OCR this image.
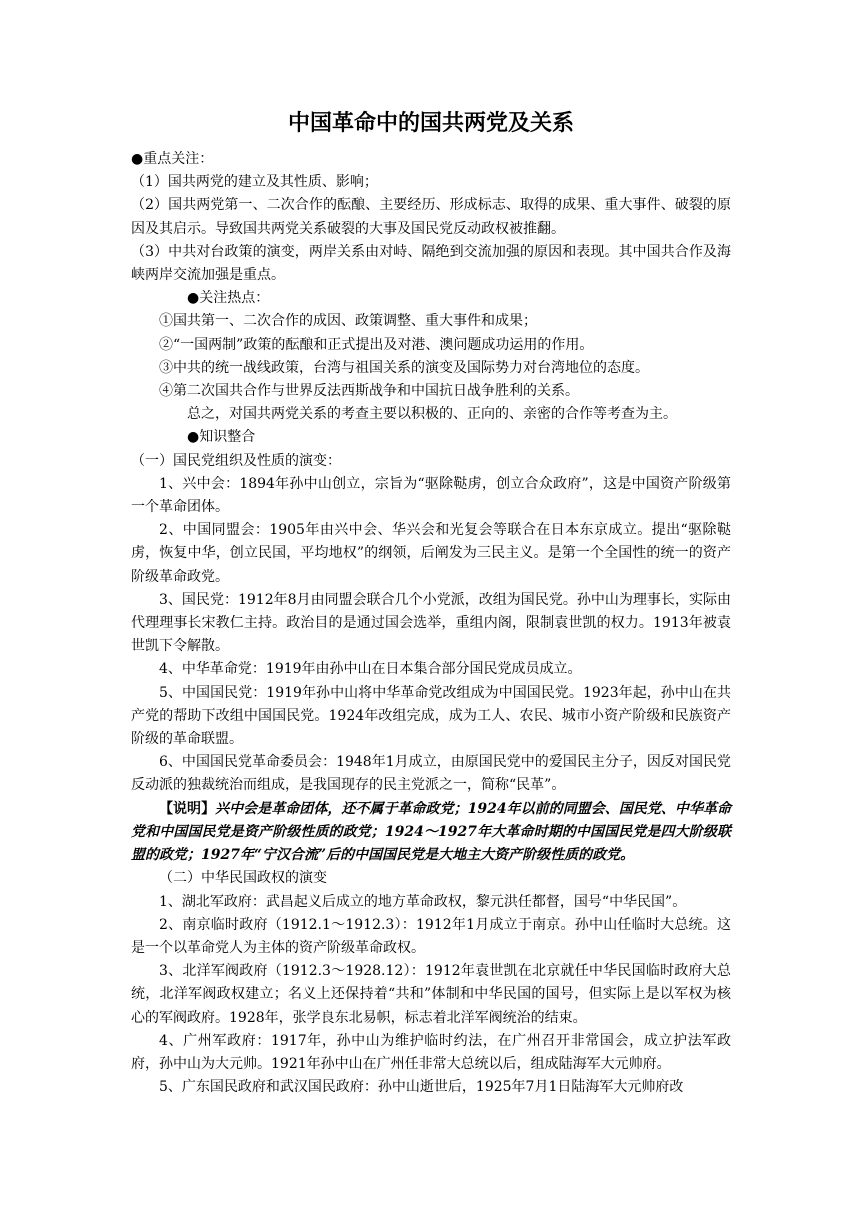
中国革命中的国共两党及关系

●重点关注：

（1）国共两党的建立及其性质、影响；

（2）国共两党第一、二次合作的酝酿、主要经历、形成标志、取得的成果、重大事件、破裂的原因及其启示。导致国共两党关系破裂的大事及国民党反动政权被推翻。

（3）中共对台政策的演变，两岸关系由对峙、隔绝到交流加强的原因和表现。其中国共合作及海峡两岸交流加强是重点。

●关注热点：

①国共第一、二次合作的成因、政策调整、重大事件和成果；

②“一国两制”政策的酝酿和正式提出及对港、澳问题成功运用的作用。

③中共的统一战线政策，台湾与祖国关系的演变及国际势力对台湾地位的态度。

④第二次国共合作与世界反法西斯战争和中国抗日战争胜利的关系。

总之，对国共两党关系的考查主要以积极的、正向的、亲密的合作等考查为主。

●知识整合

（一）国民党组织及性质的演变：

1、兴中会：1894年孙中山创立，宗旨为“驱除鞑虏，创立合众政府”，这是中国资产阶级第一个革命团体。

2、中国同盟会：1905年由兴中会、华兴会和光复会等联合在日本东京成立。提出“驱除鞑虏，恢复中华，创立民国，平均地权”的纲领，后阐发为三民主义。是第一个全国性的统一的资产阶级革命政党。

3、国民党：1912年8月由同盟会联合几个小党派，改组为国民党。孙中山为理事长，实际由代理理事长宋教仁主持。政治目的是通过国会选举，重组内阁，限制袁世凯的权力。1913年被袁世凯下令解散。

4、中华革命党：1919年由孙中山在日本集合部分国民党成员成立。

5、中国国民党：1919年孙中山将中华革命党改组成为中国国民党。1923年起，孙中山在共产党的帮助下改组中国国民党。1924年改组完成，成为工人、农民、城市小资产阶级和民族资产阶级的革命联盟。

6、中国国民党革命委员会：1948年1月成立，由原国民党中的爱国民主分子，因反对国民党反动派的独裁统治而组成，是我国现存的民主党派之一，简称“民革”。

【说明】兴中会是革命团体，还不属于革命政党；1924年以前的同盟会、国民党、中华革命党和中国国民党是资产阶级性质的政党；1924～1927年大革命时期的中国国民党是四大阶级联盟的政党；1927年“宁汉合流”后的中国国民党是大地主大资产阶级性质的政党。

（二）中华民国政权的演变

1、湖北军政府：武昌起义后成立的地方革命政权，黎元洪任都督，国号“中华民国”。

2、南京临时政府（1912.1～1912.3）：1912年1月成立于南京。孙中山任临时大总统。这是一个以革命党人为主体的资产阶级革命政权。

3、北洋军阀政府（1912.3～1928.12）：1912年袁世凯在北京就任中华民国临时政府大总统，北洋军阀政权建立；名义上还保持着“共和”体制和中华民国的国号，但实际上是以军权为核心的军阀政府。1928年，张学良东北易帜，标志着北洋军阀统治的结束。

4、广州军政府：1917年，孙中山为维护临时约法，在广州召开非常国会，成立护法军政府，孙中山为大元帅。1921年孙中山在广州任非常大总统以后，组成陆海军大元帅府。

5、广东国民政府和武汉国民政府：孙中山逝世后，1925年7月1日陆海军大元帅府改
